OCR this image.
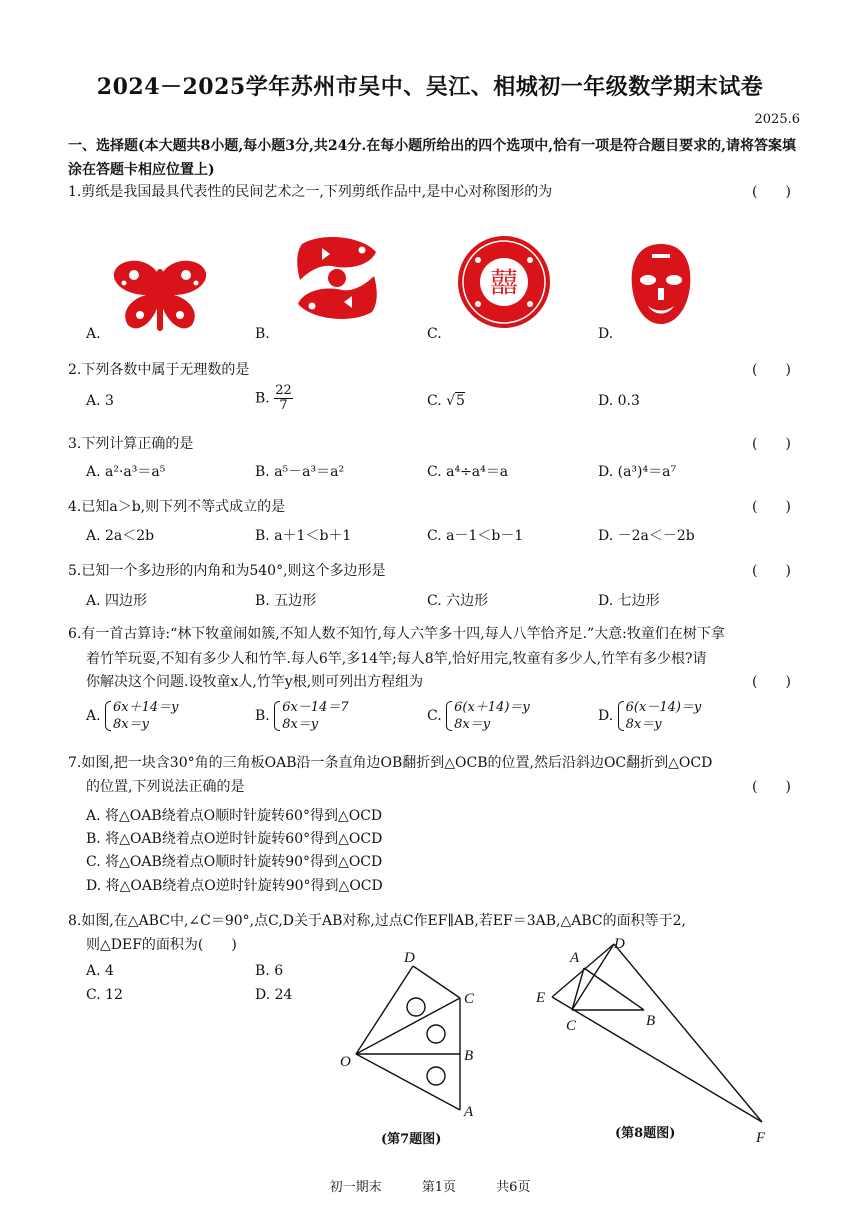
2024－2025学年苏州市吴中、吴江、相城初一年级数学期末试卷
2025.6
一、选择题(本大题共8小题,每小题3分,共24分.在每小题所给出的四个选项中,恰有一项是符合题目要求的,请将答案填涂在答题卡相应位置上)
1.剪纸是我国最具代表性的民间艺术之一,下列剪纸作品中,是中心对称图形的为	(　　)
囍
A.	B.	C.	D.
2.下列各数中属于无理数的是	(　　)
A. 3	B. $\frac{22}{7}$	C. √5	D. 0.3̇
3.下列计算正确的是	(　　)
A. a²·a³＝a⁵	B. a⁵－a³＝a²	C. a⁴÷a⁴＝a	D. (a³)⁴＝a⁷
4.已知a＞b,则下列不等式成立的是	(　　)
A. 2a＜2b	B. a＋1＜b＋1	C. a－1＜b－1	D. －2a＜－2b
5.已知一个多边形的内角和为540°,则这个多边形是	(　　)
A. 四边形	B. 五边形	C. 六边形	D. 七边形
6.有一首古算诗:“林下牧童闹如簇,不知人数不知竹,每人六竿多十四,每人八竿恰齐足.”大意:牧童们在树下拿
着竹竿玩耍,不知有多少人和竹竿.每人6竿,多14竿;每人8竿,恰好用完,牧童有多少人,竹竿有多少根?请
你解决这个问题.设牧童x人,竹竿y根,则可列出方程组为	(　　)
A.
6x＋14＝y
8x＝y
B.
6x－14＝7
8x＝y
C.
6(x＋14)＝y
8x＝y
D.
6(x－14)＝y
8x＝y
7.如图,把一块含30°角的三角板OAB沿一条直角边OB翻折到△OCB的位置,然后沿斜边OC翻折到△OCD
的位置,下列说法正确的是	(　　)
A. 将△OAB绕着点O顺时针旋转60°得到△OCD
B. 将△OAB绕着点O逆时针旋转60°得到△OCD
C. 将△OAB绕着点O顺时针旋转90°得到△OCD
D. 将△OAB绕着点O逆时针旋转90°得到△OCD
8.如图,在△ABC中,∠C＝90°,点C,D关于AB对称,过点C作EF∥AB,若EF＝3AB,△ABC的面积等于2,
则△DEF的面积为(　　)
A. 4	B. 6
C. 12	D. 24
D
C
O	B
A
(第7题图)
A
D
E
C	B
F
(第8题图)
初一期末	第1页	共6页
